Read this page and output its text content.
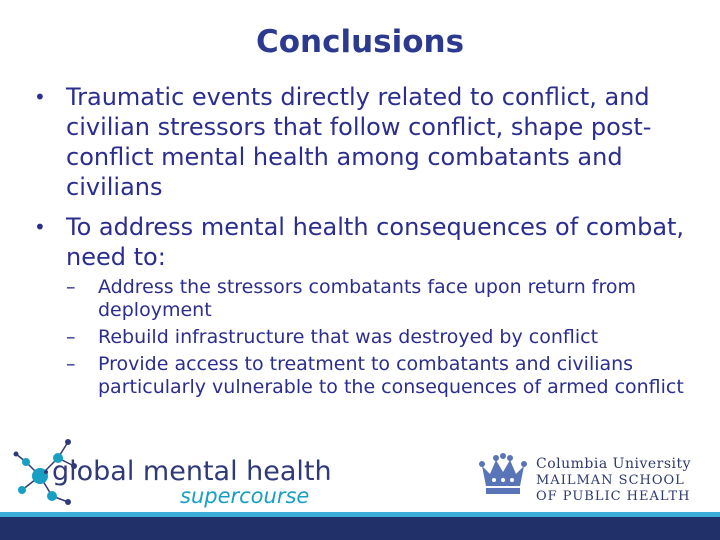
Conclusions
• Traumatic events directly related to conflict, and civilian stressors that follow conflict, shape post-conflict mental health among combatants and civilians
• To address mental health consequences of combat, need to:
– Address the stressors combatants face upon return from deployment
– Rebuild infrastructure that was destroyed by conflict
– Provide access to treatment to combatants and civilians particularly vulnerable to the consequences of armed conflict
global mental health
supercourse
Columbia University
MAILMAN SCHOOL
OF PUBLIC HEALTH
